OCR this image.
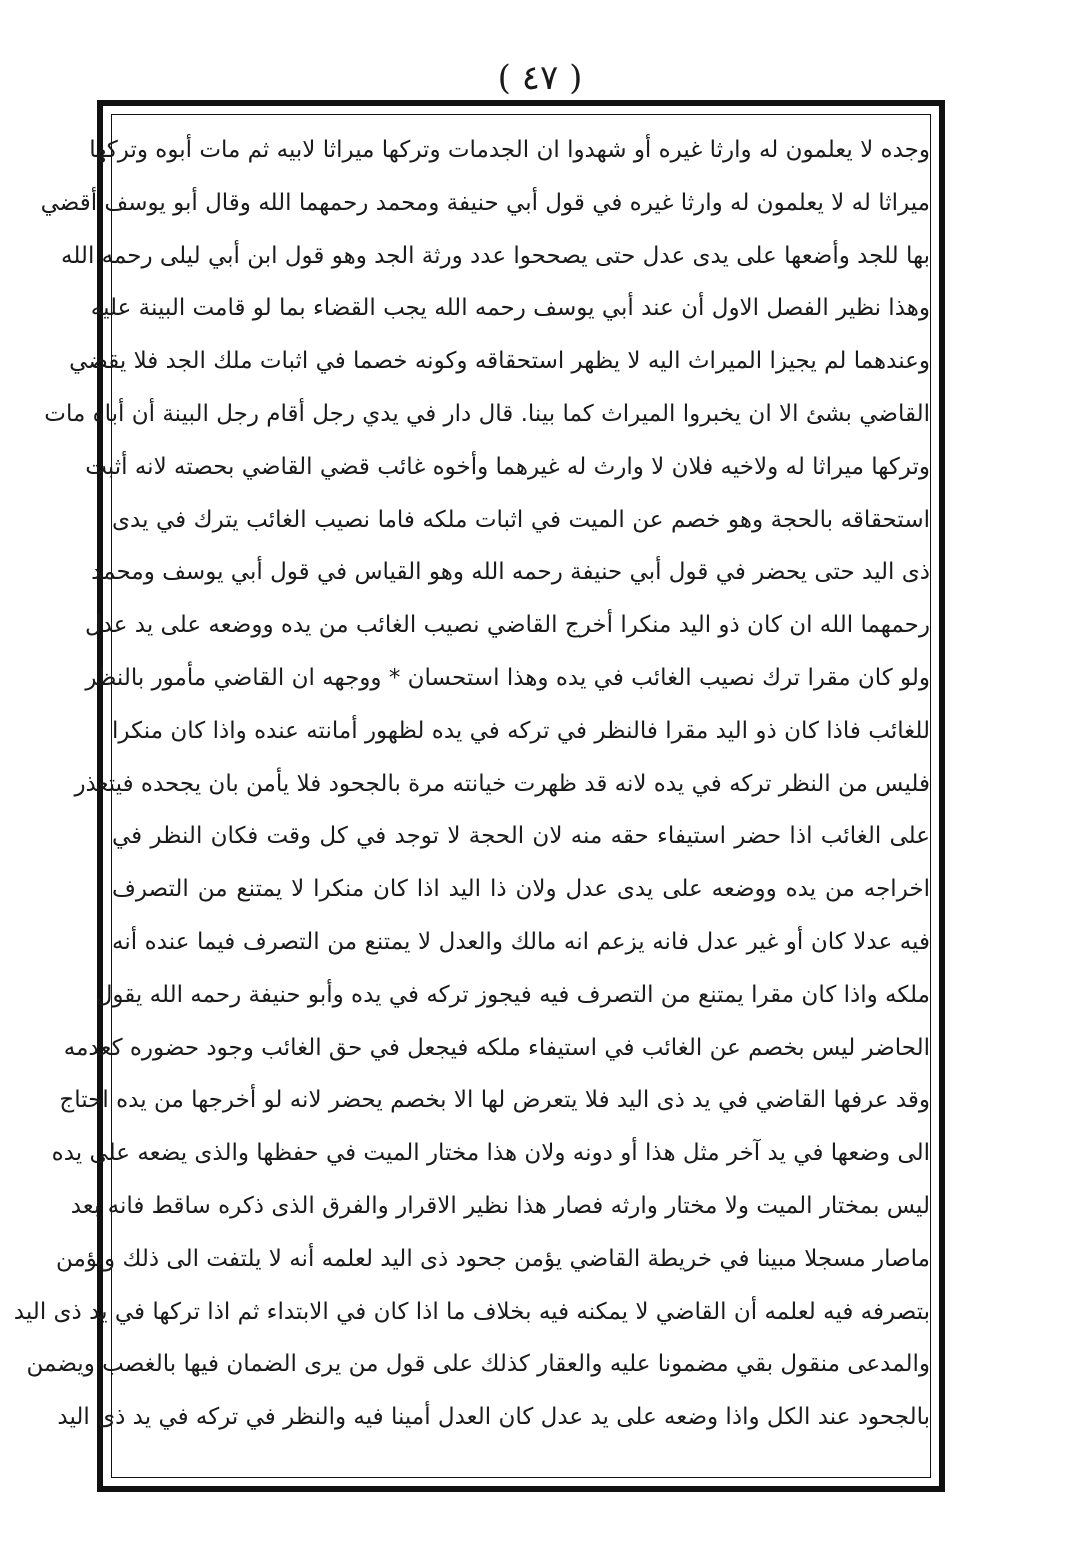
( ٤٧ )
وجده لا يعلمون له وارثا غيره أو شهدوا ان الجدمات وتركها ميراثا لابيه ثم مات أبوه وتركها
ميراثا له لا يعلمون له وارثا غيره في قول أبي حنيفة ومحمد رحمهما الله وقال أبو يوسف أقضي
بها للجد وأضعها على يدى عدل حتى يصححوا عدد ورثة الجد وهو قول ابن أبي ليلى رحمه الله
وهذا نظير الفصل الاول أن عند أبي يوسف رحمه الله يجب القضاء بما لو قامت البينة عليه
وعندهما لم يجيزا الميراث اليه لا يظهر استحقاقه وكونه خصما في اثبات ملك الجد فلا يقضي
القاضي بشئ الا ان يخبروا الميراث كما بينا. قال دار في يدي رجل أقام رجل البينة أن أباه مات
وتركها ميراثا له ولاخيه فلان لا وارث له غيرهما وأخوه غائب قضي القاضي بحصته لانه أثبت
استحقاقه بالحجة وهو خصم عن الميت في اثبات ملكه فاما نصيب الغائب يترك في يدى
ذى اليد حتى يحضر في قول أبي حنيفة رحمه الله وهو القياس في قول أبي يوسف ومحمد
رحمهما الله ان كان ذو اليد منكرا أخرج القاضي نصيب الغائب من يده ووضعه على يد عدل
ولو كان مقرا ترك نصيب الغائب في يده وهذا استحسان * ووجهه ان القاضي مأمور بالنظر
للغائب فاذا كان ذو اليد مقرا فالنظر في تركه في يده لظهور أمانته عنده واذا كان منكرا
فليس من النظر تركه في يده لانه قد ظهرت خيانته مرة بالجحود فلا يأمن بان يجحده فيتعذر
على الغائب اذا حضر استيفاء حقه منه لان الحجة لا توجد في كل وقت فكان النظر في
اخراجه من يده ووضعه على يدى عدل ولان ذا اليد اذا كان منكرا لا يمتنع من التصرف
فيه عدلا كان أو غير عدل فانه يزعم انه مالك والعدل لا يمتنع من التصرف فيما عنده أنه
ملكه واذا كان مقرا يمتنع من التصرف فيه فيجوز تركه في يده وأبو حنيفة رحمه الله يقول
الحاضر ليس بخصم عن الغائب في استيفاء ملكه فيجعل في حق الغائب وجود حضوره كعدمه
وقد عرفها القاضي في يد ذى اليد فلا يتعرض لها الا بخصم يحضر لانه لو أخرجها من يده احتاج
الى وضعها في يد آخر مثل هذا أو دونه ولان هذا مختار الميت في حفظها والذى يضعه على يده
ليس بمختار الميت ولا مختار وارثه فصار هذا نظير الاقرار والفرق الذى ذكره ساقط فانه بعد
ماصار مسجلا مبينا في خريطة القاضي يؤمن جحود ذى اليد لعلمه أنه لا يلتفت الى ذلك ويؤمن
بتصرفه فيه لعلمه أن القاضي لا يمكنه فيه بخلاف ما اذا كان في الابتداء ثم اذا تركها في يد ذى اليد
والمدعى منقول بقي مضمونا عليه والعقار كذلك على قول من يرى الضمان فيها بالغصب ويضمن
بالجحود عند الكل واذا وضعه على يد عدل كان العدل أمينا فيه والنظر في تركه في يد ذى اليد
